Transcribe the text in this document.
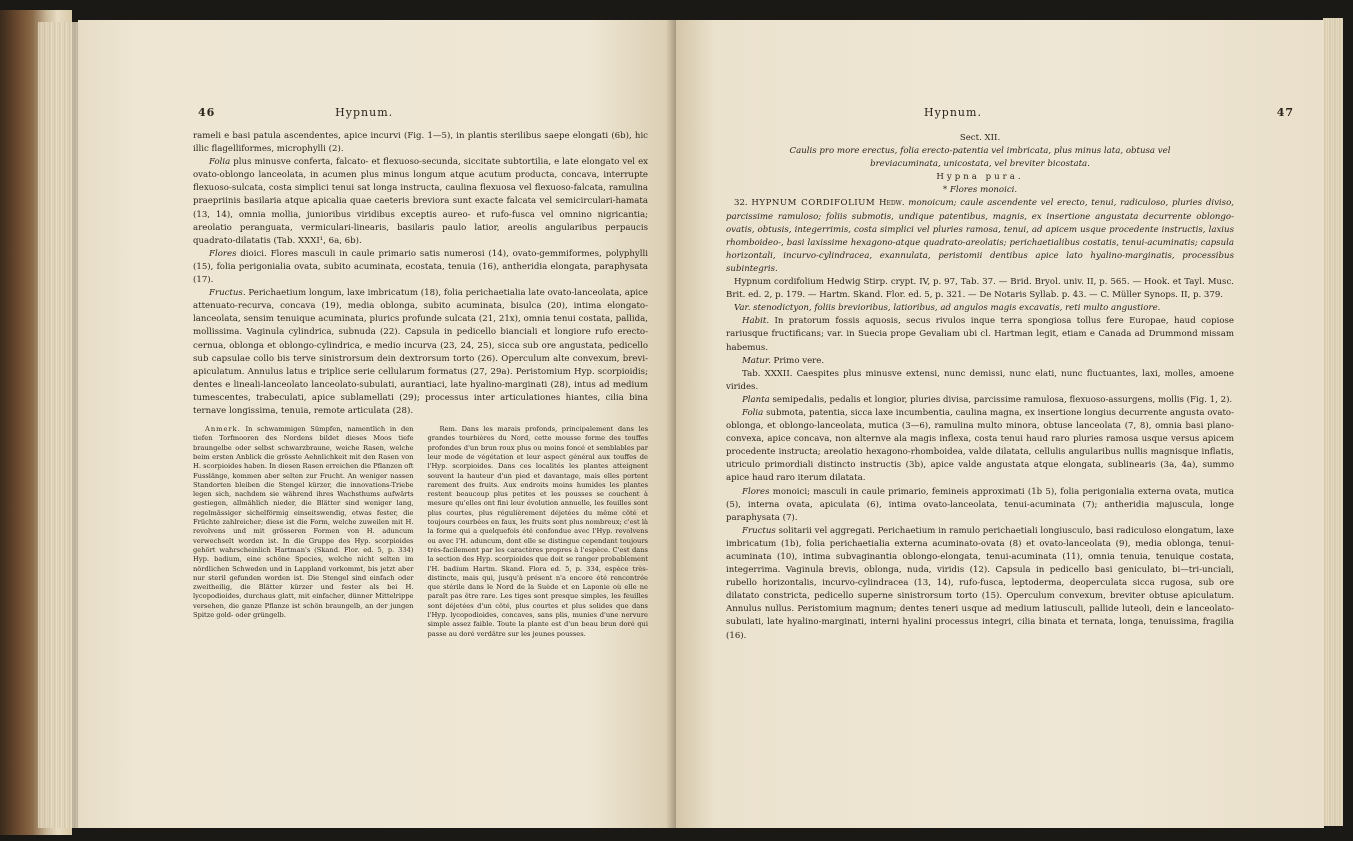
46	Hypnum.

rameli e basi patula ascendentes, apice incurvi (Fig. 1—5), in plantis sterilibus saepe elongati (6b), hic illic flagelliformes, microphylli (2).

Folia plus minusve conferta, falcato- et flexuoso-secunda, siccitate subtortilia, e late elongato vel ex ovato-oblongo lanceolata, in acumen plus minus longum atque acutum producta, concava, interrupte flexuoso-sulcata, costa simplici tenui sat longa instructa, caulina flexuosa vel flexuoso-falcata, ramulina praepriinis basilaria atque apicalia quae caeteris breviora sunt exacte falcata vel semicirculari-hamata (13, 14), omnia mollia, junioribus viridibus exceptis aureo- et rufo-fusca vel omnino nigricantia; areolatio peranguata, vermiculari-linearis, basilaris paulo latior, areolis angularibus perpaucis quadrato-dilatatis (Tab. XXXI¹, 6a, 6b).

Flores dioici. Flores masculi in caule primario satis numerosi (14), ovato-gemmiformes, polyphylli (15), folia perigonialia ovata, subito acuminata, ecostata, tenuia (16), antheridia elongata, paraphysata (17).

Fructus. Perichaetium longum, laxe imbricatum (18), folia perichaetialia late ovato-lanceolata, apice attenuato-recurva, concava (19), media oblonga, subito acuminata, bisulca (20), intima elongato-lanceolata, sensim tenuique acuminata, plurics profunde sulcata (21, 21x), omnia tenui costata, pallida, mollissima. Vaginula cylindrica, subnuda (22). Capsula in pedicello bianciali et longiore rufo erecto-cernua, oblonga et oblongo-cylindrica, e medio incurva (23, 24, 25), sicca sub ore angustata, pedicello sub capsulae collo bis terve sinistrorsum dein dextrorsum torto (26). Operculum alte convexum, brevi-apiculatum. Annulus latus e triplice serie cellularum formatus (27, 29a). Peristomium Hyp. scorpioidis; dentes e lineali-lanceolato lanceolato-subulati, aurantiaci, late hyalino-marginati (28), intus ad medium tumescentes, trabeculati, apice sublamellati (29); processus inter articulationes hiantes, cilia bina ternave longissima, tenuia, remote articulata (28).

Anmerk. In schwammigen Sümpfen, namentlich in den tiefen Torfmooren des Nordens bildet dieses Moos tiefe braungelbe oder selbst schwarzbraune, weiche Rasen, welche beim ersten Anblick die grösste Aehnlichkeit mit den Rasen von H. scorpioides haben. In diesen Rasen erreichen die Pflanzen oft Fusslänge, kommen aber selten zur Frucht. An weniger nassen Standorten bleiben die Stengel kürzer, die innovations-Triebe legen sich, nachdem sie während ihres Wachsthums aufwärts gestiegen, allmählich nieder, die Blätter sind weniger lang, regelmässiger sichelförmig einseitswendig, etwas fester, die Früchte zahlreicher; diese ist die Form, welche zuweilen mit H. revolvens und mit grösseren Formen von H. aduncum verwechselt worden ist. In die Gruppe des Hyp. scorpioides gehört wahrscheinlich Hartman's (Skand. Flor. ed. 5, p. 334) Hyp. badium, eine schöne Species, welche nicht selten im nördlichen Schweden und in Lappland vorkommt, bis jetzt aber nur steril gefunden worden ist. Die Stengel sind einfach oder zweitheilig, die Blätter kürzer und fester als bei H. lycopodioides, durchaus glatt, mit einfacher, dünner Mittelrippe versehen, die ganze Pflanze ist schön braungelb, an der jungen Spitze gold- oder grüngelb.

Rem. Dans les marais profonds, principalement dans les grandes tourbières du Nord, cette mousse forme des touffes profondes d'un brun roux plus ou moins foncé et semblables par leur mode de végétation et leur aspect général aux touffes de l'Hyp. scorpioides. Dans ces localités les plantes atteignent souvent la hauteur d'un pied et davantage, mais elles portent rarement des fruits. Aux endroits moins humides les plantes restent beaucoup plus petites et les pousses se couchent à mesure qu'elles ont fini leur évolution annuelle, les feuilles sont plus courtes, plus régulièrement déjetées du même côté et toujours courbées en faux, les fruits sont plus nombreux; c'est là la forme qui a quelquefois été confondue avec l'Hyp. revolvens ou avec l'H. aduncum, dont elle se distingue cependant toujours très-facilement par les caractères propres à l'espèce. C'est dans la section des Hyp. scorpioides que doit se ranger probablement l'H. badium Hartm. Skand. Flora ed. 5, p. 334, espèce très-distincte, mais qui, jusqu'à présent n'a encore été rencontrée que stérile dans le Nord de la Suède et en Laponie où elle ne paraît pas être rare. Les tiges sont presque simples, les feuilles sont déjetées d'un côté, plus courtes et plus solides que dans l'Hyp. lycopodioides, concaves, sans plis, munies d'une nervure simple assez faible. Toute la plante est d'un beau brun doré qui passe au doré verdâtre sur les jeunes pousses.

Hypnum.	47

Sect. XII.

Caulis pro more erectus, folia erecto-patentia vel imbricata, plus minus lata, obtusa vel breviacuminata, unicostata, vel breviter bicostata.

Hypna pura.

* Flores monoici.

32. HYPNUM CORDIFOLIUM Hedw. monoicum; caule ascendente vel erecto, tenui, radiculoso, pluries diviso, parcissime ramuloso; foliis submotis, undique patentibus, magnis, ex insertione angustata decurrente oblongo-ovatis, obtusis, integerrimis, costa simplici vel pluries ramosa, tenui, ad apicem usque procedente instructis, laxius rhomboideo-, basi laxissime hexagono-atque quadrato-areolatis; perichaetialibus costatis, tenui-acuminatis; capsula horizontali, incurvo-cylindracea, exannulata, peristomii dentibus apice lato hyalino-marginatis, processibus subintegris.

Hypnum cordifolium Hedwig Stirp. crypt. IV, p. 97, Tab. 37. — Brid. Bryol. univ. II, p. 565. — Hook. et Tayl. Musc. Brit. ed. 2, p. 179. — Hartm. Skand. Flor. ed. 5, p. 321. — De Notaris Syllab. p. 43. — C. Müller Synops. II, p. 379.

Var. stenodictyon, foliis brevioribus, latioribus, ad angulos magis excavatis, reti multo angustiore.

Habit. In pratorum fossis aquosis, secus rivulos inque terra spongiosa tollus fere Europae, haud copiose rariusque fructificans; var. in Suecia prope Gevaliam ubi cl. Hartman legit, etiam e Canada ad Drummond missam habemus.

Matur. Primo vere.

Tab. XXXII. Caespites plus minusve extensi, nunc demissi, nunc elati, nunc fluctuantes, laxi, molles, amoene virides.

Planta semipedalis, pedalis et longior, pluries divisa, parcissime ramulosa, flexuoso-assurgens, mollis (Fig. 1, 2).

Folia submota, patentia, sicca laxe incumbentia, caulina magna, ex insertione longius decurrente angusta ovato-oblonga, et oblongo-lanceolata, mutica (3—6), ramulina multo minora, obtuse lanceolata (7, 8), omnia basi plano-convexa, apice concava, non alternve ala magis inflexa, costa tenui haud raro pluries ramosa usque versus apicem procedente instructa; areolatio hexagono-rhomboidea, valde dilatata, cellulis angularibus nullis magnisque inflatis, utriculo primordiali distincto instructis (3b), apice valde angustata atque elongata, sublinearis (3a, 4a), summo apice haud raro iterum dilatata.

Flores monoici; masculi in caule primario, femineis approximati (1b 5), folia perigonialia externa ovata, mutica (5), interna ovata, apiculata (6), intima ovato-lanceolata, tenui-acuminata (7); antheridia majuscula, longe paraphysata (7).

Fructus solitarii vel aggregati. Perichaetium in ramulo perichaetiali longiusculo, basi radiculoso elongatum, laxe imbricatum (1b), folia perichaetialia externa acuminato-ovata (8) et ovato-lanceolata (9), media oblonga, tenui-acuminata (10), intima subvaginantia oblongo-elongata, tenui-acuminata (11), omnia tenuia, tenuique costata, integerrima. Vaginula brevis, oblonga, nuda, viridis (12). Capsula in pedicello basi geniculato, bi—tri-unciali, rubello horizontalis, incurvo-cylindracea (13, 14), rufo-fusca, leptoderma, deoperculata sicca rugosa, sub ore dilatato constricta, pedicello superne sinistrorsum torto (15). Operculum convexum, breviter obtuse apiculatum. Annulus nullus. Peristomium magnum; dentes teneri usque ad medium latiusculi, pallide luteoli, dein e lanceolato-subulati, late hyalino-marginati, interni hyalini processus integri, cilia binata et ternata, longa, tenuissima, fragilia (16).
